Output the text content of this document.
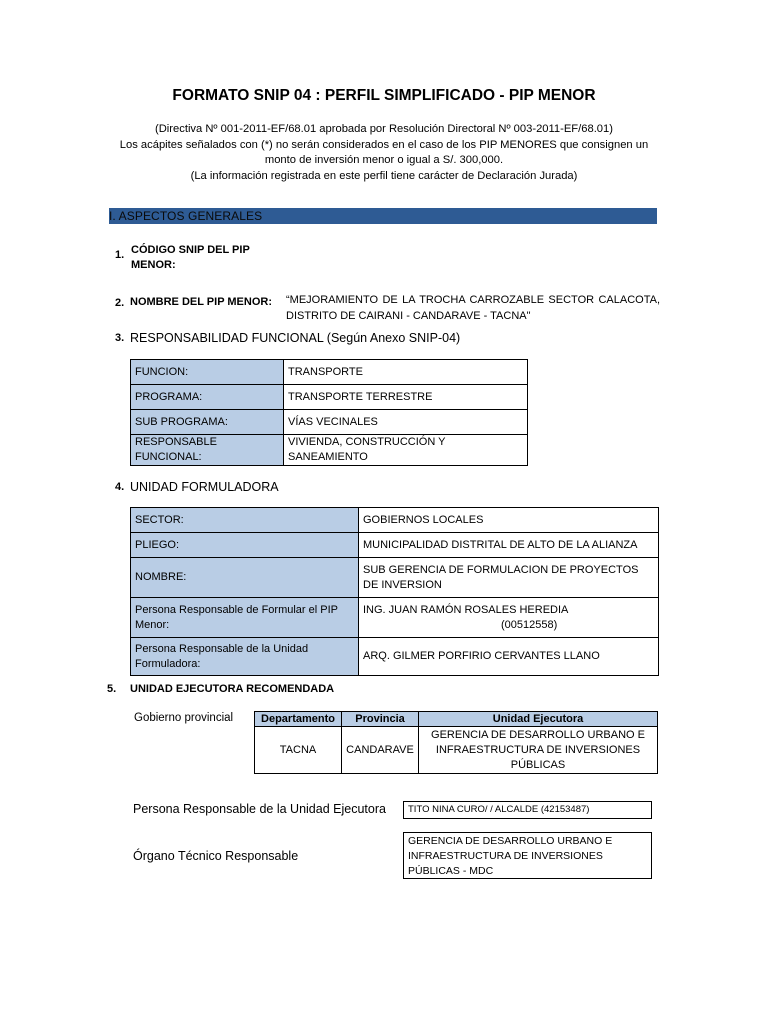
FORMATO SNIP 04 : PERFIL SIMPLIFICADO - PIP MENOR
(Directiva Nº 001-2011-EF/68.01 aprobada por Resolución Directoral Nº 003-2011-EF/68.01)
Los acápites señalados con (*) no serán considerados en el caso de los PIP MENORES que consignen un
monto de inversión menor o igual a S/. 300,000.
(La información registrada en este perfil tiene carácter de Declaración Jurada)
I. ASPECTOS GENERALES
1. CÓDIGO SNIP DEL PIP
MENOR:
2. NOMBRE DEL PIP MENOR: “MEJORAMIENTO DE LA TROCHA CARROZABLE SECTOR CALACOTA,
DISTRITO DE CAIRANI - CANDARAVE - TACNA"
3. RESPONSABILIDAD FUNCIONAL (Según Anexo SNIP-04)
FUNCION:	TRANSPORTE
PROGRAMA:	TRANSPORTE TERRESTRE
SUB PROGRAMA:	VÍAS VECINALES
RESPONSABLE FUNCIONAL:	VIVIENDA, CONSTRUCCIÓN Y SANEAMIENTO
4. UNIDAD FORMULADORA
SECTOR:	GOBIERNOS LOCALES
PLIEGO:	MUNICIPALIDAD DISTRITAL DE ALTO DE LA ALIANZA
NOMBRE:	SUB GERENCIA DE FORMULACION DE PROYECTOS DE INVERSION
Persona Responsable de Formular el PIP Menor:	ING. JUAN RAMÓN ROSALES HEREDIA
(00512558)

Persona Responsable de la Unidad Formuladora:	ARQ. GILMER PORFIRIO CERVANTES LLANO
5. UNIDAD EJECUTORA RECOMENDADA
Gobierno provincial	Departamento	Provincia	Unidad Ejecutora
TACNA	CANDARAVE	GERENCIA DE DESARROLLO URBANO E INFRAESTRUCTURA DE INVERSIONES PÚBLICAS
Persona Responsable de la Unidad Ejecutora	TITO NINA CURO/ / ALCALDE (42153487)
Órgano Técnico Responsable
GERENCIA DE DESARROLLO URBANO E INFRAESTRUCTURA DE INVERSIONES PÚBLICAS - MDC
